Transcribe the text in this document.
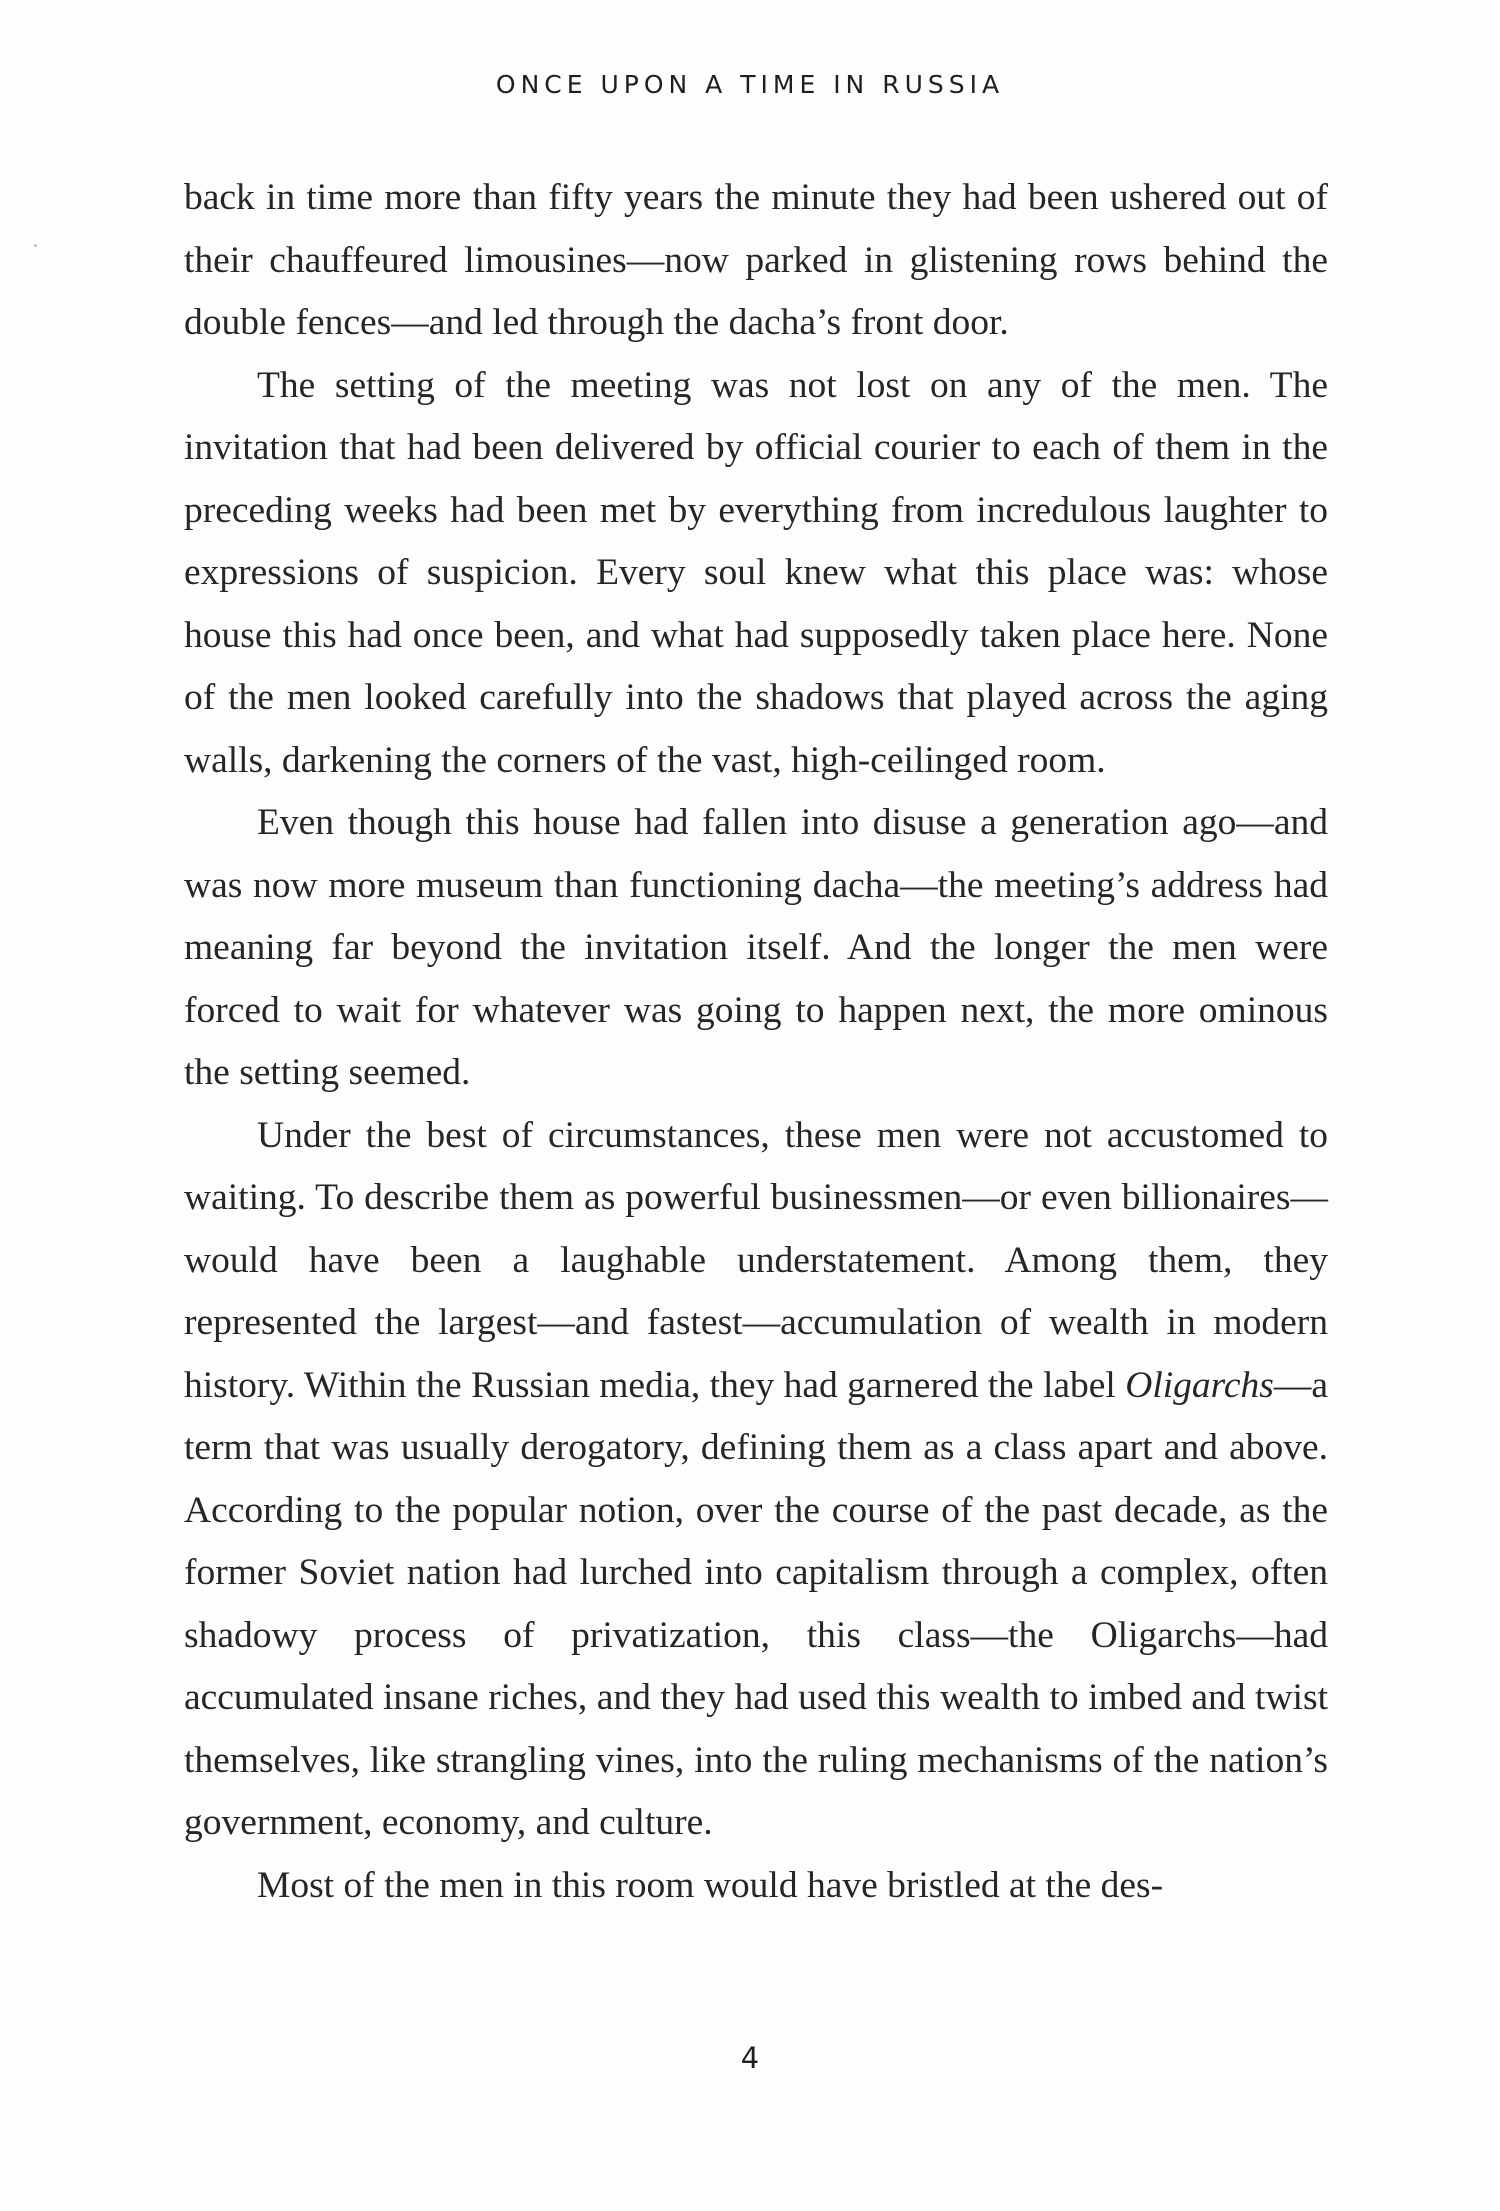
ONCE UPON A TIME IN RUSSIA

back in time more than fifty years the minute they had been ushered out of their chauffeured limousines—now parked in glistening rows behind the double fences—and led through the dacha’s front door.

The setting of the meeting was not lost on any of the men. The invitation that had been delivered by official courier to each of them in the preceding weeks had been met by everything from incredulous laughter to expressions of suspicion. Every soul knew what this place was: whose house this had once been, and what had supposedly taken place here. None of the men looked carefully into the shadows that played across the aging walls, darkening the corners of the vast, high-ceilinged room.

Even though this house had fallen into disuse a generation ago—and was now more museum than functioning dacha—the meeting’s address had meaning far beyond the invitation itself. And the longer the men were forced to wait for whatever was going to happen next, the more ominous the setting seemed.

Under the best of circumstances, these men were not accustomed to waiting. To describe them as powerful businessmen—or even billionaires—would have been a laughable understatement. Among them, they represented the largest—and fastest—accumulation of wealth in modern history. Within the Russian media, they had garnered the label Oligarchs—a term that was usually derogatory, defining them as a class apart and above. According to the popular notion, over the course of the past decade, as the former Soviet nation had lurched into capitalism through a complex, often shadowy process of privatization, this class—the Oligarchs—had accumulated insane riches, and they had used this wealth to imbed and twist themselves, like strangling vines, into the ruling mechanisms of the nation’s government, economy, and culture.

Most of the men in this room would have bristled at the des-

4
